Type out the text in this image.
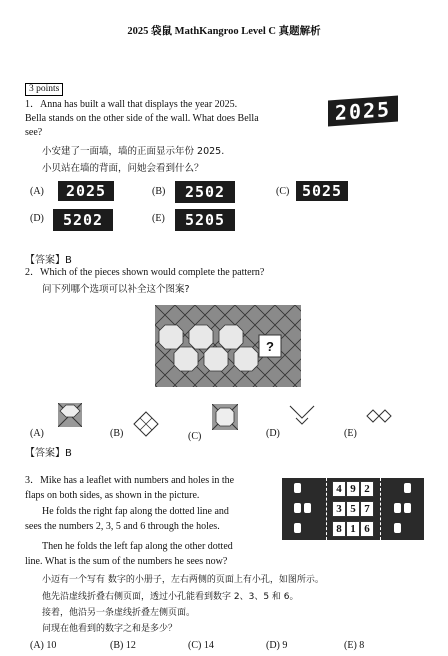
2025 袋鼠 MathKangroo Level C 真题解析
3 points
1．Anna has built a wall that displays the year 2025.
Bella stands on the other side of the wall. What does Bella
see?
小安建了一面墙，墙的正面显示年份 2025.
小贝站在墙的背面，问她会看到什么？
2025
(A)	2025	(B)	2502	(C) 5025
(D)	5202	(E)	5205
【答案】B
2．Which of the pieces shown would complete the pattern?
问下列哪个选项可以补全这个图案?
?
(A)	(B)	(C)	(D)	(E)
【答案】B
3．Mike has a leaflet with numbers and holes in the
flaps on both sides, as shown in the picture.
He folds the right fap along the dotted line and
sees the numbers 2, 3, 5 and 6 through the holes.
Then he folds the left fap along the other dotted
line. What is the sum of the numbers he sees now?
小迈有一个写有 数字的小册子，左右两侧的页面上有小孔，如图所示。
他先沿虚线折叠右侧页面，透过小孔能看到数字 2、3、5 和 6。
接着，他沿另一条虚线折叠左侧页面。
问现在他看到的数字之和是多少？
4 9 2
3 5 7
8 1 6
(A) 10	(B) 12	(C) 14	(D) 9	(E) 8
